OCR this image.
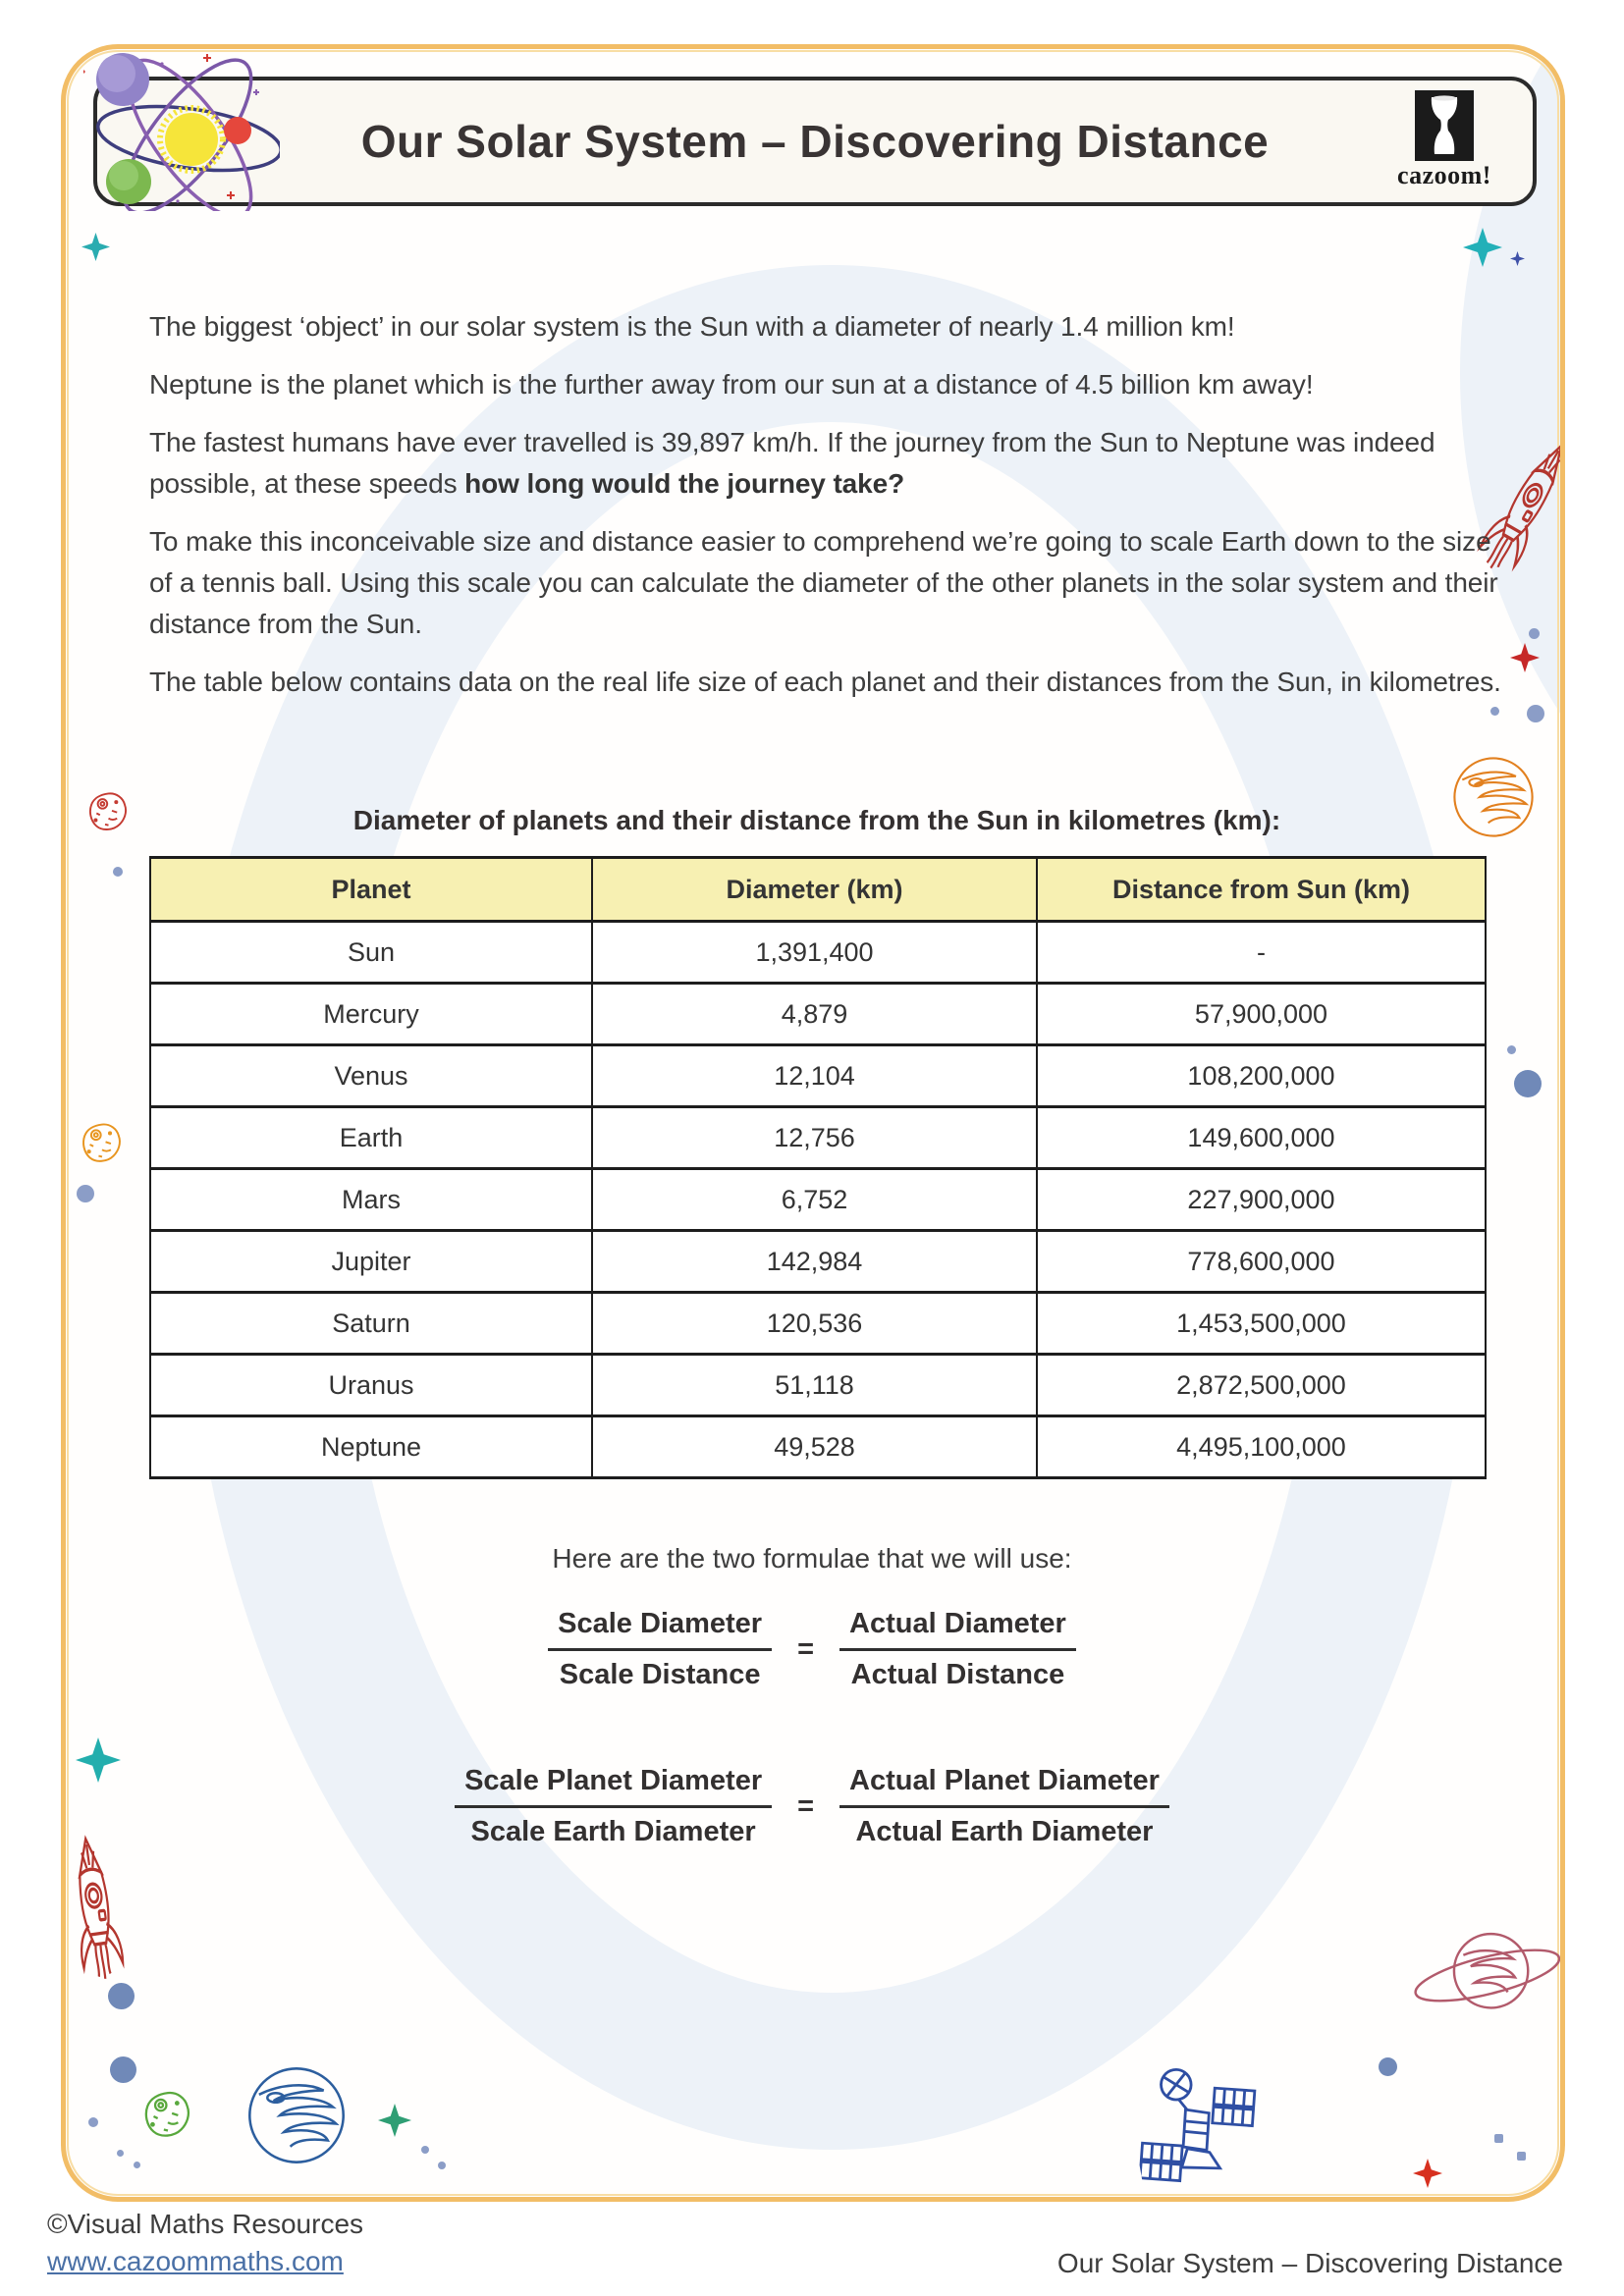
Our Solar System – Discovering Distance
cazoom!

The biggest ‘object’ in our solar system is the Sun with a diameter of nearly 1.4 million km!

Neptune is the planet which is the further away from our sun at a distance of 4.5 billion km away!

The fastest humans have ever travelled is 39,897 km/h. If the journey from the Sun to Neptune was indeed possible, at these speeds how long would the journey take?

To make this inconceivable size and distance easier to comprehend we’re going to scale Earth down to the size of a tennis ball. Using this scale you can calculate the diameter of the other planets in the solar system and their distance from the Sun.

The table below contains data on the real life size of each planet and their distances from the Sun, in kilometres.

Diameter of planets and their distance from the Sun in kilometres (km):
Planet	Diameter (km)	Distance from Sun (km)
Sun	1,391,400	-
Mercury	4,879	57,900,000
Venus	12,104	108,200,000
Earth	12,756	149,600,000
Mars	6,752	227,900,000
Jupiter	142,984	778,600,000
Saturn	120,536	1,453,500,000
Uranus	51,118	2,872,500,000
Neptune	49,528	4,495,100,000
Here are the two formulae that we will use:
$\frac{\text{Scale Diameter}}{\text{Scale Distance}} = \frac{\text{Actual Diameter}}{\text{Actual Distance}}$
$\frac{\text{Scale Planet Diameter}}{\text{Scale Earth Diameter}} = \frac{\text{Actual Planet Diameter}}{\text{Actual Earth Diameter}}$
©Visual Maths Resources
www.cazoommaths.com	Our Solar System – Discovering Distance
